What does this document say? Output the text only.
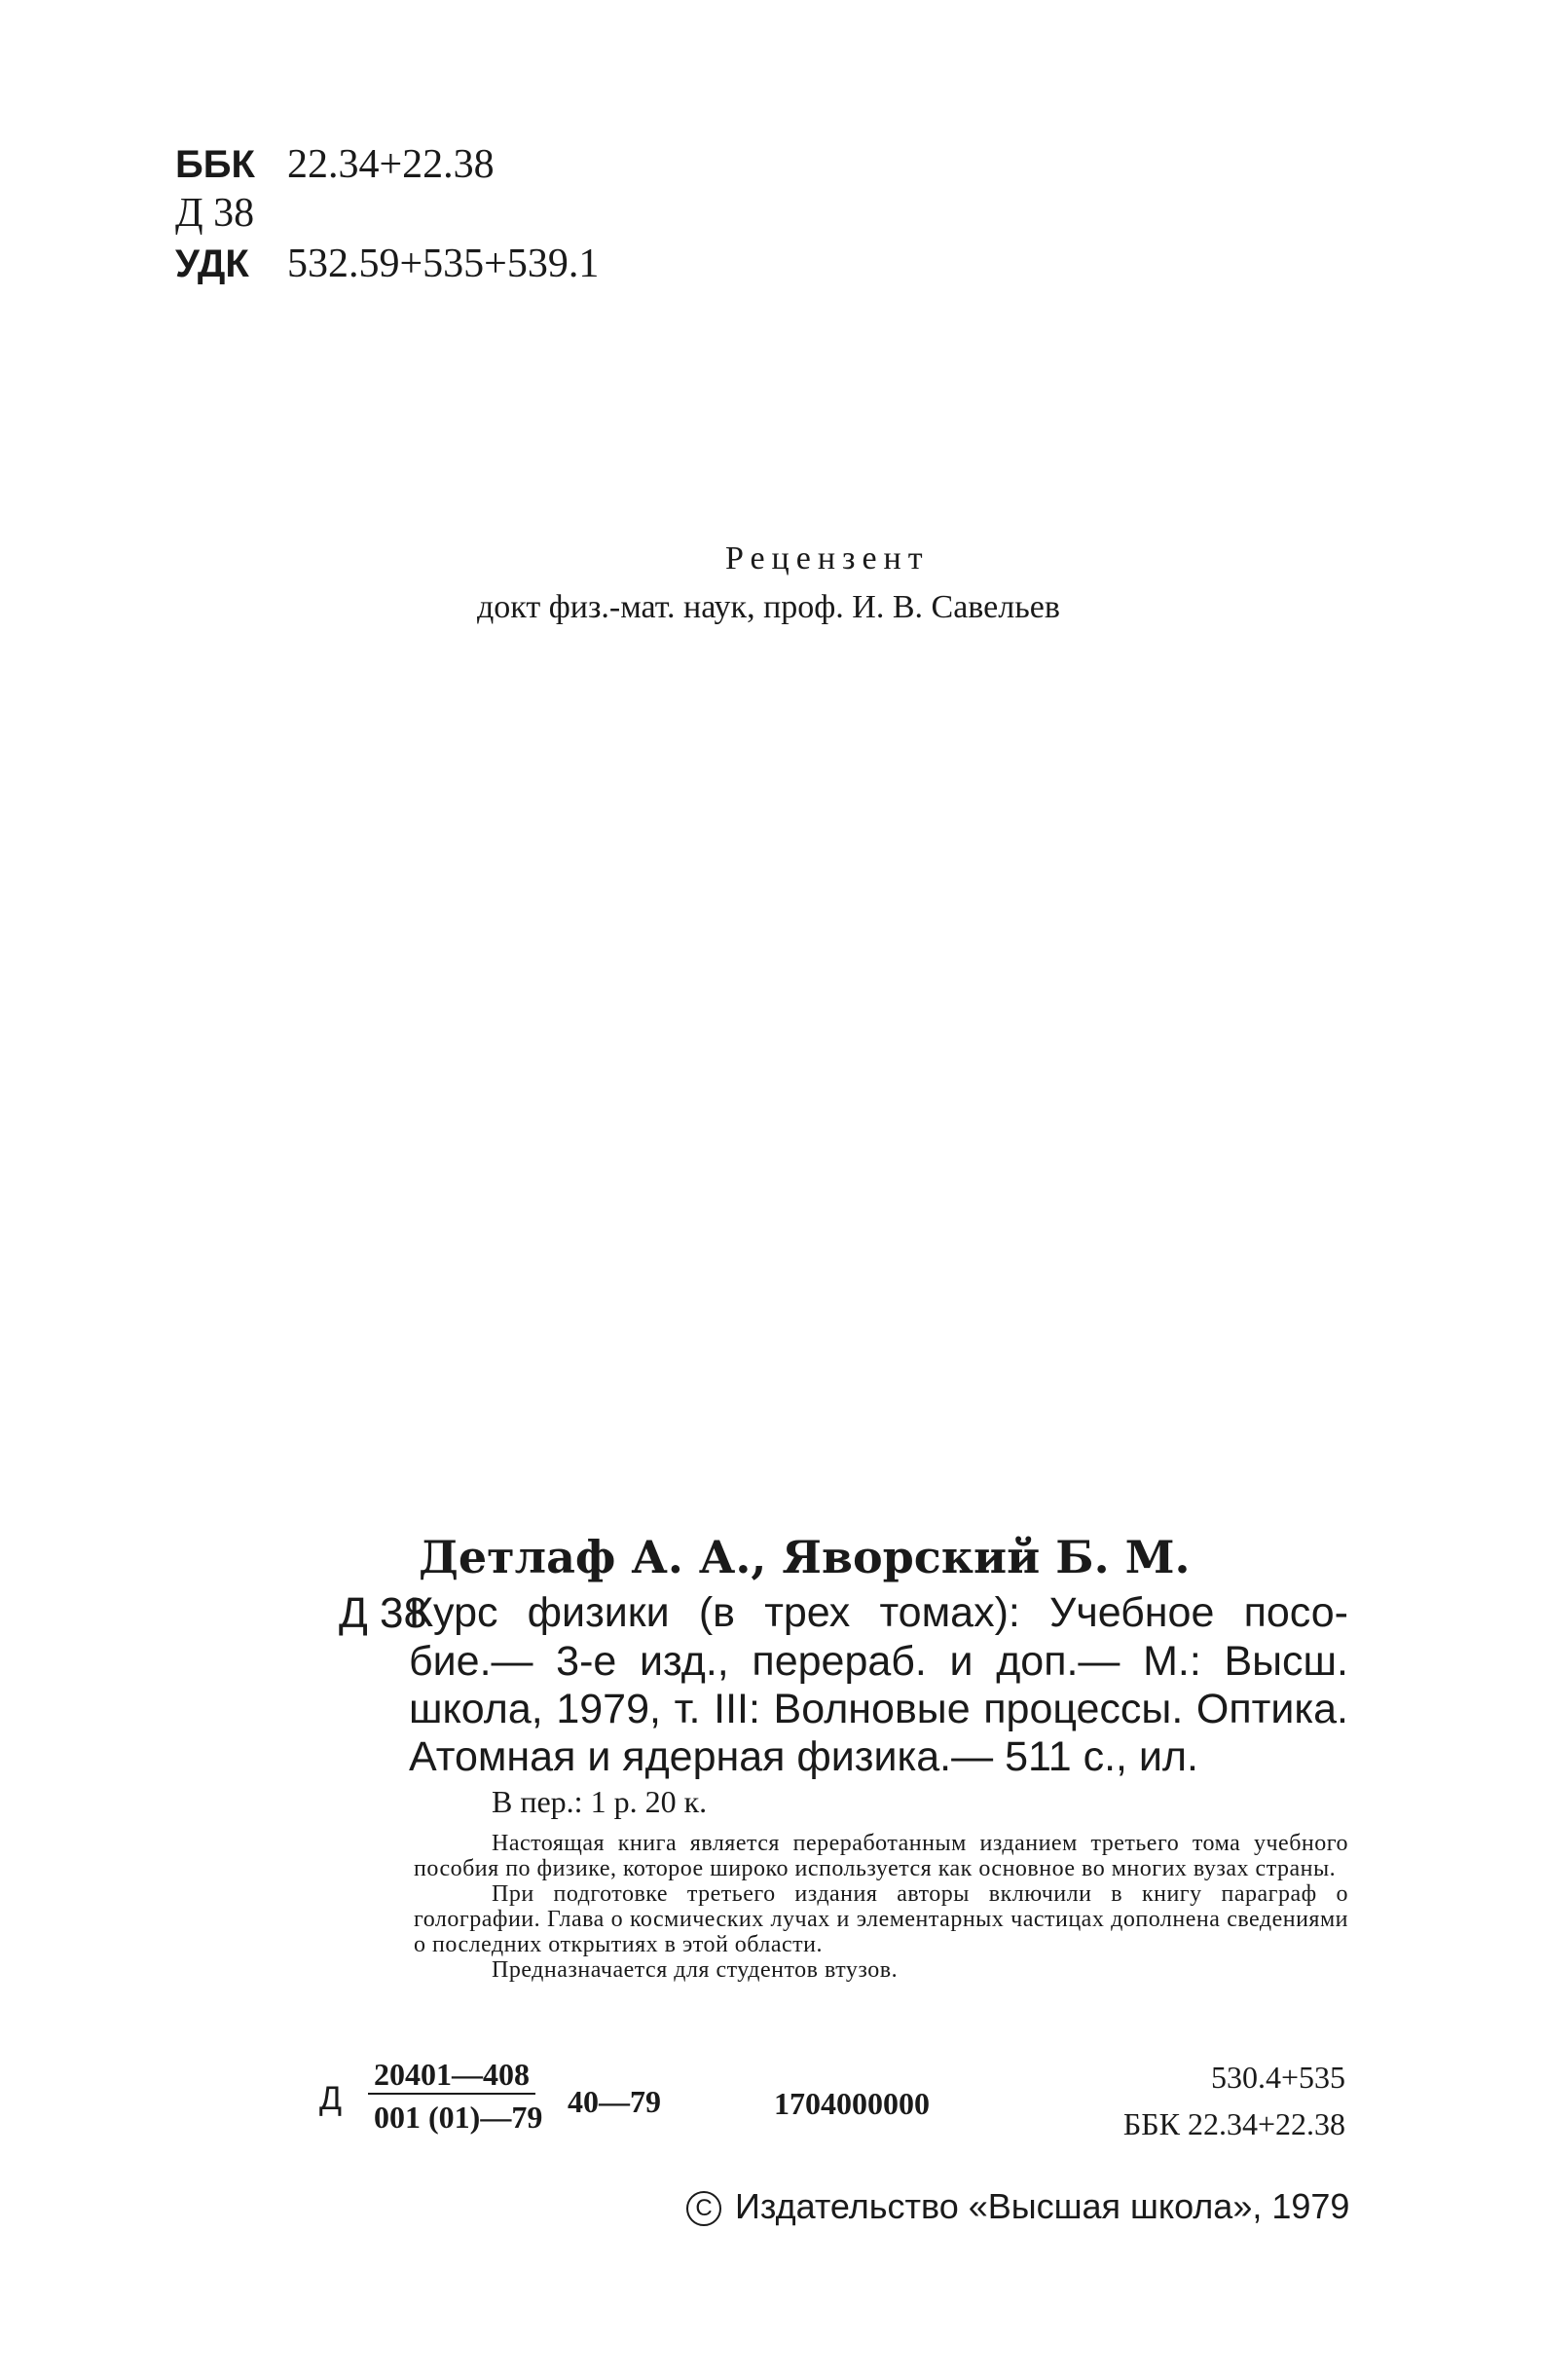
ББК 22.34+22.38
Д 38
УДК 532.59+535+539.1
Рецензент
докт физ.-мат. наук, проф. И. В. Савельев
Детлаф А. А., Яворский Б. М.
Д 38
Курс физики (в трех томах): Учебное посо-
бие.— 3-е изд., перераб. и доп.— М.: Высш.
школа, 1979, т. III: Волновые процессы. Оптика.
Атомная и ядерная физика.— 511 с., ил.
В пер.: 1 р. 20 к.

Настоящая книга является переработанным изданием третьего тома учебного пособия по физике, которое широко используется как основное во многих вузах страны.

При подготовке третьего издания авторы включили в книгу параграф о голографии. Глава о космических лучах и элементарных частицах дополнена сведениями о последних открытиях в этой области.

Предназначается для студентов втузов.

Д
20401—408
001 (01)—79 40—79	1704000000
530.4+535
ББК 22.34+22.38
C Издательство «Высшая школа», 1979
